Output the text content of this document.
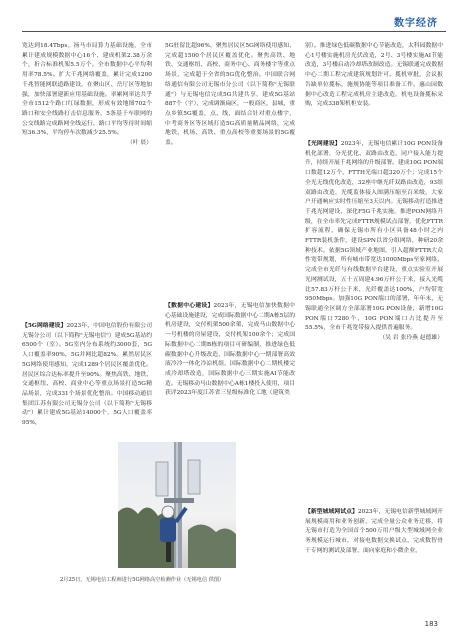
数字经济

宽达到18.4Tbps。扬马市局算力基础设施，全市累计建成规模数据中心16个，建成机架2.38万余个，折合标准机架5.5万个。全市数据中心平均利用率78.5%。扩大千兆网络覆盖，累计完成1200千兆智能网联道路建设，在聚山区、岳厅区等地加强，加快部署建新应用基础设施。率累网率达共乎全市1512个路口红绿数据，形成有效地图702个路口和安全线路打击信息服务，5条基于车联网的公交线路完成路网全线运行，路口平均等待时间缩短36.3%，平均停车次数减少25.5%。

（叶 晨）

【5G网络建设】2023年，中国电信股份有限公司无锡分公司（以下简称"无锡电信"）建成5G基站约6500个（室）。5G室内分布系统约3000套，5G人口覆盖率90%，5G并网比超82%。累然居民区5G网络使用感知，完成1289个居民区覆盖优化。居民区综合达标率提升至90%。聚焦高铁、地铁、交通枢纽、高校、商业中心等重点场景打造5G精品场景，完成331个场景优化整治。中国移动通信集团江苏有限公司无锡分公司（以下简称"无锡移动"）累计建成5G基站14000个，5G人口覆盖率95%，

5G驻留比超96%，聚焦居民区5G网络使用感知，完成超1500个居民区覆盖优化。聚焦高铁、地铁、交通枢纽、高校、商务中心、商务楼宇等重点场景，完成超于全省的5G优化整治。中国联合网络通信有限公司无锡市分公司（以下简称"无锡联通"）与无锡电信完成5G共建共享，建成5G基站887个（宇），完成调渐扁区，一般商区，县城，重点乡镇5G覆盖，点，线，面结合针对重点楼宇，中考商务区等区域打造5G高质量精品网络，完成地铁、机场、高铁、重点高校等重要场景的5G覆盖。

【数据中心建设】2023年，无锡电信加快数据中心基础设施建设，完成国际数据中心二期A栋5层的机房建设，交付机架500余架，完成马山数据中心一号机楼的房屋建设，交付机架100余个；完成国际数据中心二期B栋的项目可研编制，推进绿色低碳数据中心升级改造，国际数据中心一期部署高效液冷冷一体化冷凉机组，国际数据中心二期机楼完成冷却塔改造，国际数据中心三期实施AI节能改造。无锡移动马山数据中心A栋1楼投入使用，项目获评2023年度江苏省三星级标准化工地（建筑类

2月25日，无锡电信工程师进行5G网络高空检测作业（无锡电信 供图）

别）。推进绿色低碳数据中心节能改造，太科园数据中心1号楼实施机房光伏改造，2号、3号楼实施AI节能改造，3号楼启动冷却塔改制改造。无锡联通完成数据中心二期工程完成建筑规划许可、揽机审批，会议报告缺单位揽标，施规协能等项目准备工作。惠山园数据中心改造工程完成机房主建改造，机电设备揽标采购，完成338架机柜安装。

【光网建设】2023年，无锡电信累计10G PON设备机化部署，分光优化、双路由改造，同户接入能力提升，持续开展千兆网络的升级部署。建成10G PON端口数超12万个，FTTH光端口超320万个；完成15个全光无线优化改造，32座中继光纤双路由改造，93组双路由改造，光缆监体接入图满压缩至百米级，大家户开通响应实时性压缩至3天以内。无锡移动打造推进千兆光网建设，深化F5G千兆实施，推进PON网络升级，在全市率先完成FTTR规模试点部署，优化FTTR扩容流程，确保无锡市所有小区具备48小时之内FTTR装机条件，建设SPN以省分组网络，种研20余种技术。依据5G领域产业地图，引入超额FTTR大众性宽带规划，所有城市带宽达1000Mbps至家网络，完成全市光纤与有线数据平台建设，重点实验室开展光网测试设，五十五周建4.96万杆公千米，接入光缆比57.83万杆公千米，光纤覆盖达100%，户均带宽950Mbps。加强10G PON端口的部署，年年末，无锡联通全区调方全部部署10G PON设备，新增10G PON端口7280个，10G PON端口占比提升至55.5%，全市千兆宽带接入提供普遍服务。

（吴 岩 张玲燕 赵德雄）

【新型城域网试点】2023年，无锡电信新型城域网开展规模商用和业务创新，完成全量公众业务迁移，将无锡市打造为全国首个500万用户级大型城域网全业务规模运行城市，对接电数据交换试点，完成数智骨干专网的测试及部署，面向家庭和小微企业，

183
